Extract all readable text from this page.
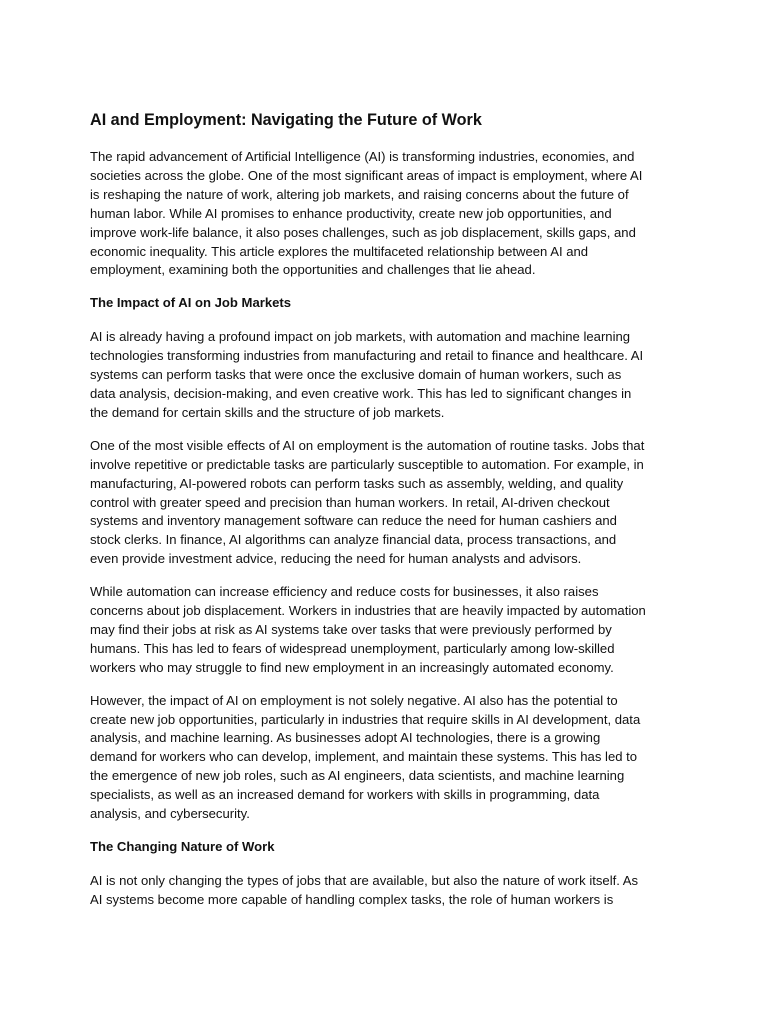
AI and Employment: Navigating the Future of Work

The rapid advancement of Artificial Intelligence (AI) is transforming industries, economies, and
societies across the globe. One of the most significant areas of impact is employment, where AI
is reshaping the nature of work, altering job markets, and raising concerns about the future of
human labor. While AI promises to enhance productivity, create new job opportunities, and
improve work-life balance, it also poses challenges, such as job displacement, skills gaps, and
economic inequality. This article explores the multifaceted relationship between AI and
employment, examining both the opportunities and challenges that lie ahead.

The Impact of AI on Job Markets

AI is already having a profound impact on job markets, with automation and machine learning
technologies transforming industries from manufacturing and retail to finance and healthcare. AI
systems can perform tasks that were once the exclusive domain of human workers, such as
data analysis, decision-making, and even creative work. This has led to significant changes in
the demand for certain skills and the structure of job markets.

One of the most visible effects of AI on employment is the automation of routine tasks. Jobs that
involve repetitive or predictable tasks are particularly susceptible to automation. For example, in
manufacturing, AI-powered robots can perform tasks such as assembly, welding, and quality
control with greater speed and precision than human workers. In retail, AI-driven checkout
systems and inventory management software can reduce the need for human cashiers and
stock clerks. In finance, AI algorithms can analyze financial data, process transactions, and
even provide investment advice, reducing the need for human analysts and advisors.

While automation can increase efficiency and reduce costs for businesses, it also raises
concerns about job displacement. Workers in industries that are heavily impacted by automation
may find their jobs at risk as AI systems take over tasks that were previously performed by
humans. This has led to fears of widespread unemployment, particularly among low-skilled
workers who may struggle to find new employment in an increasingly automated economy.

However, the impact of AI on employment is not solely negative. AI also has the potential to
create new job opportunities, particularly in industries that require skills in AI development, data
analysis, and machine learning. As businesses adopt AI technologies, there is a growing
demand for workers who can develop, implement, and maintain these systems. This has led to
the emergence of new job roles, such as AI engineers, data scientists, and machine learning
specialists, as well as an increased demand for workers with skills in programming, data
analysis, and cybersecurity.

The Changing Nature of Work

AI is not only changing the types of jobs that are available, but also the nature of work itself. As
AI systems become more capable of handling complex tasks, the role of human workers is
